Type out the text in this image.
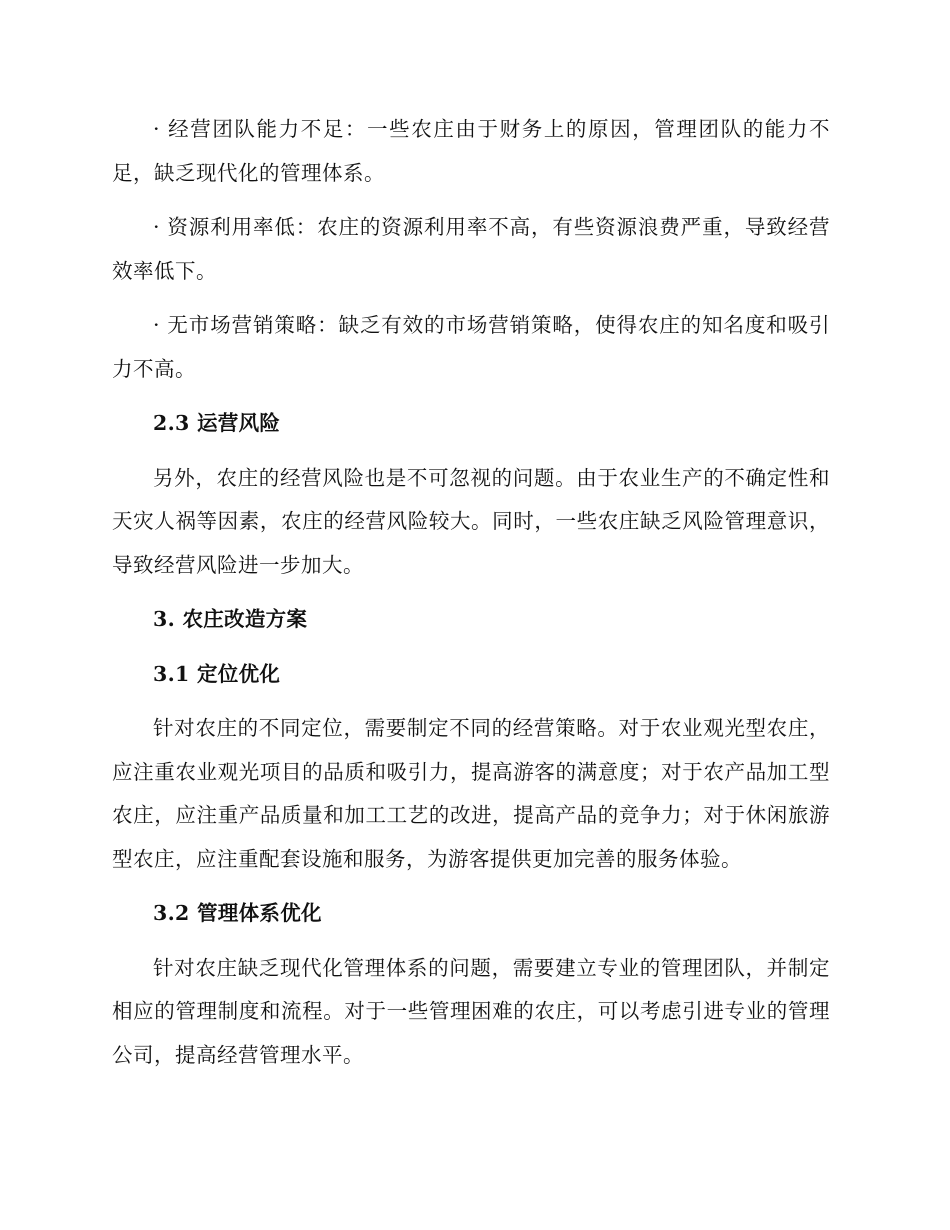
· 经营团队能力不足：一些农庄由于财务上的原因，管理团队的能力不足，缺乏现代化的管理体系。

· 资源利用率低：农庄的资源利用率不高，有些资源浪费严重，导致经营效率低下。

· 无市场营销策略：缺乏有效的市场营销策略，使得农庄的知名度和吸引力不高。

2.3 运营风险

另外，农庄的经营风险也是不可忽视的问题。由于农业生产的不确定性和天灾人祸等因素，农庄的经营风险较大。同时，一些农庄缺乏风险管理意识，导致经营风险进一步加大。

3. 农庄改造方案
3.1 定位优化

针对农庄的不同定位，需要制定不同的经营策略。对于农业观光型农庄，应注重农业观光项目的品质和吸引力，提高游客的满意度；对于农产品加工型农庄，应注重产品质量和加工工艺的改进，提高产品的竞争力；对于休闲旅游型农庄，应注重配套设施和服务，为游客提供更加完善的服务体验。

3.2 管理体系优化

针对农庄缺乏现代化管理体系的问题，需要建立专业的管理团队，并制定相应的管理制度和流程。对于一些管理困难的农庄，可以考虑引进专业的管理公司，提高经营管理水平。
